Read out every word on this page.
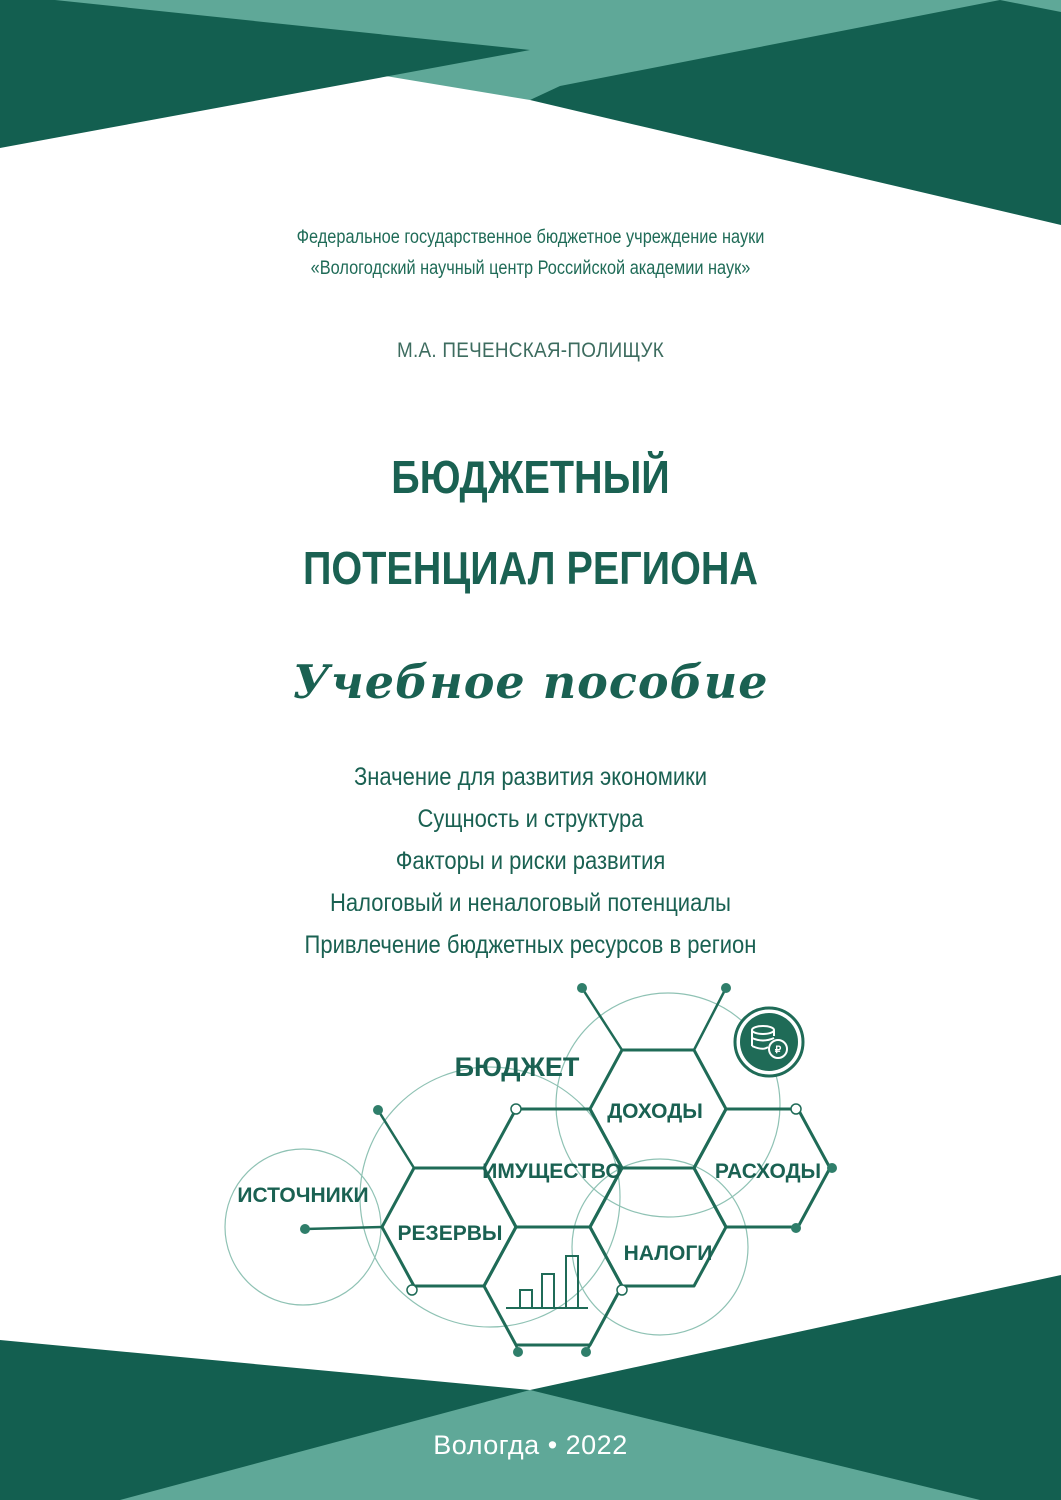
Федеральное государственное бюджетное учреждение науки

«Вологодский научный центр Российской академии наук»

М.А. ПЕЧЕНСКАЯ-ПОЛИЩУК

БЮДЖЕТНЫЙ
ПОТЕНЦИАЛ РЕГИОНА

Учебное пособие

Значение для развития экономики

Сущность и структура

Факторы и риски развития

Налоговый и неналоговый потенциалы

Привлечение бюджетных ресурсов в регион

₽
БЮДЖЕТ
ДОХОДЫ
РАСХОДЫ
ИМУЩЕСТВО
ИСТОЧНИКИ
РЕЗЕРВЫ
НАЛОГИ

Вологда • 2022
